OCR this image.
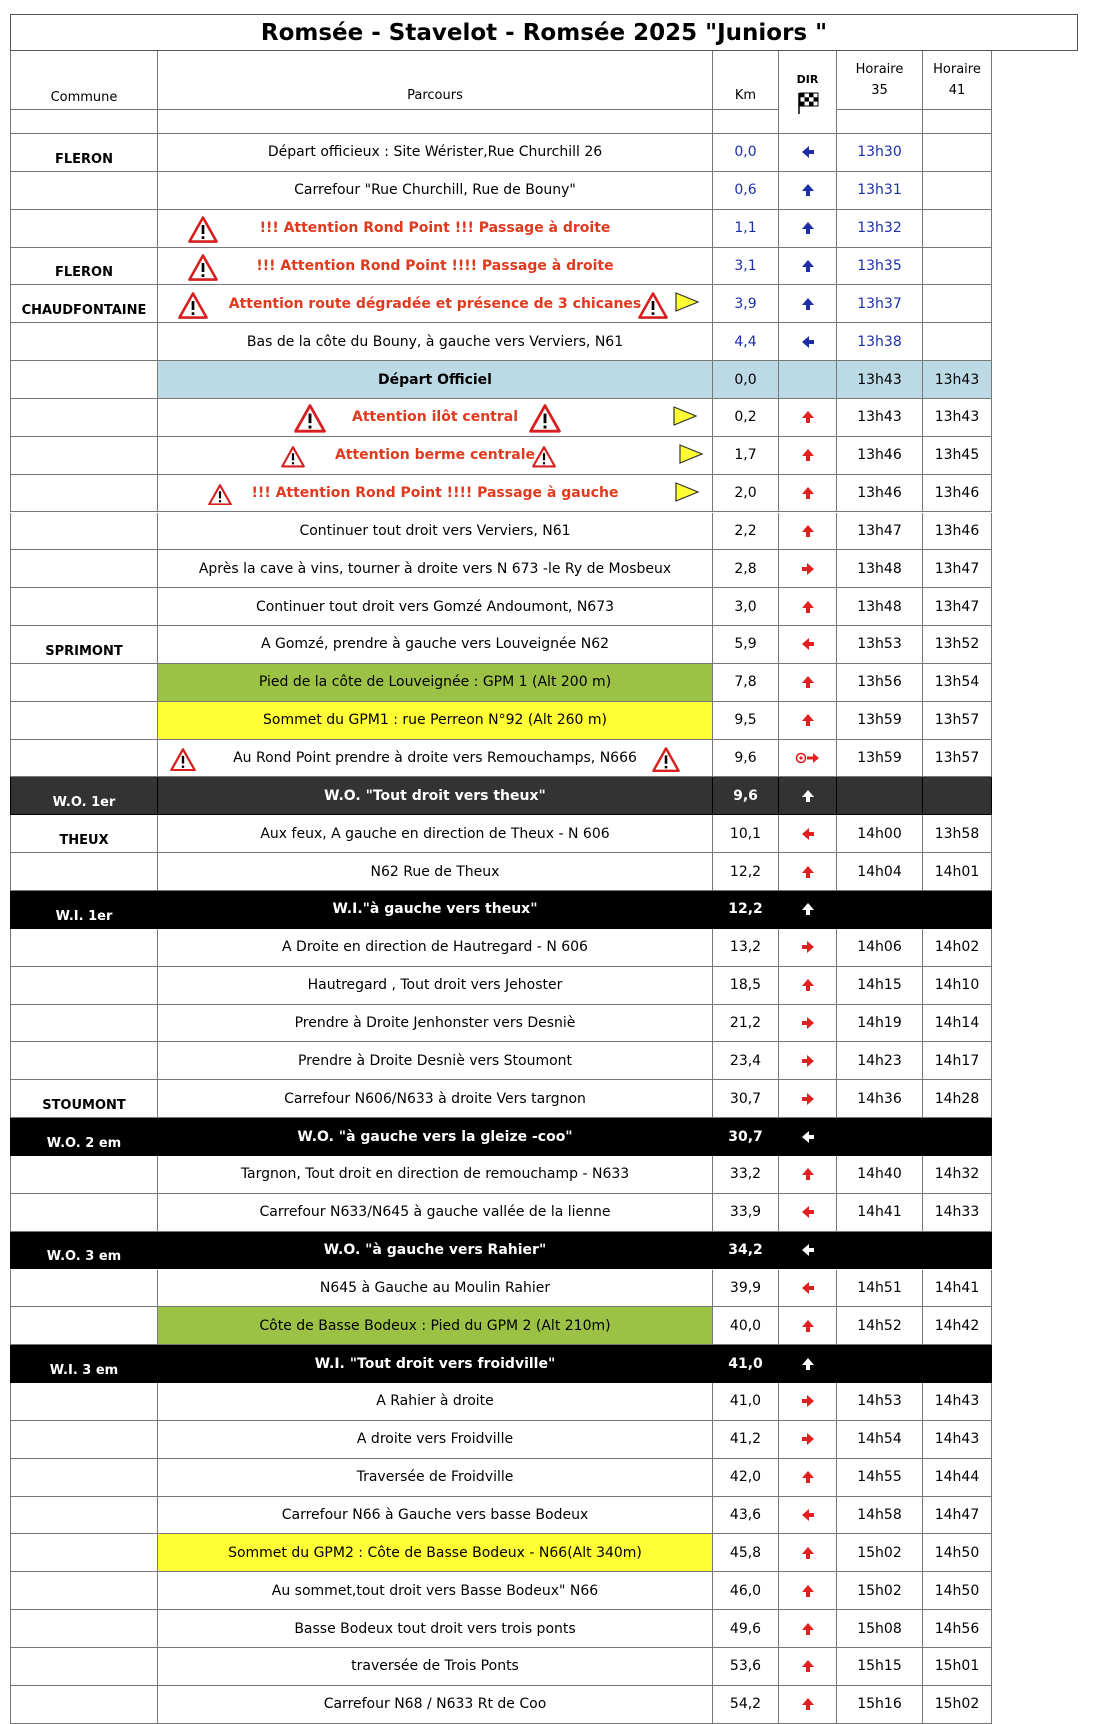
Romsée - Stavelot - Romsée 2025 "Juniors "
Commune	Parcours	Km
DIR
Horaire
35
Horaire
41
FLERON	Départ officieux : Site Wérister,Rue Churchill 26	0,0	13h30
Carrefour "Rue Churchill, Rue de Bouny"	0,6	13h31
!!! Attention Rond Point !!! Passage à droite	1,1	13h32
FLERON	!!! Attention Rond Point !!!! Passage à droite	3,1	13h35
CHAUDFONTAINE	Attention route dégradée et présence de 3 chicanes	3,9	13h37
Bas de la côte du Bouny, à gauche vers Verviers, N61	4,4	13h38
Départ Officiel	0,0	13h43	13h43
Attention ilôt central	0,2	13h43	13h43
Attention berme centrale	1,7	13h46	13h45
!!! Attention Rond Point !!!! Passage à gauche	2,0	13h46	13h46
Continuer tout droit vers Verviers, N61	2,2	13h47	13h46
Après la cave à vins, tourner à droite vers N 673 -le Ry de Mosbeux	2,8	13h48	13h47
Continuer tout droit vers Gomzé Andoumont, N673	3,0	13h48	13h47
SPRIMONT	A Gomzé, prendre à gauche vers Louveignée N62	5,9	13h53	13h52
Pied de la côte de Louveignée : GPM 1 (Alt 200 m)	7,8	13h56	13h54
Sommet du GPM1 : rue Perreon N°92 (Alt 260 m)	9,5	13h59	13h57
Au Rond Point prendre à droite vers Remouchamps, N666	9,6	13h59	13h57
W.O. 1er	W.O. "Tout droit vers theux"	9,6
THEUX	Aux feux, A gauche en direction de Theux - N 606	10,1	14h00	13h58
N62 Rue de Theux	12,2	14h04	14h01
W.I. 1er	W.I."à gauche vers theux"	12,2
A Droite en direction de Hautregard - N 606	13,2	14h06	14h02
Hautregard , Tout droit vers Jehoster	18,5	14h15	14h10
Prendre à Droite Jenhonster vers Desniè	21,2	14h19	14h14
Prendre à Droite Desniè vers Stoumont	23,4	14h23	14h17
STOUMONT	Carrefour N606/N633 à droite Vers targnon	30,7	14h36	14h28
W.O. 2 em	W.O. "à gauche vers la gleize -coo"	30,7
Targnon, Tout droit en direction de remouchamp - N633	33,2	14h40	14h32
Carrefour N633/N645 à gauche vallée de la lienne	33,9	14h41	14h33
W.O. 3 em	W.O. "à gauche vers Rahier"	34,2
N645 à Gauche au Moulin Rahier	39,9	14h51	14h41
Côte de Basse Bodeux : Pied du GPM 2 (Alt 210m)	40,0	14h52	14h42
W.I. 3 em	W.I. "Tout droit vers froidville"	41,0
A Rahier à droite	41,0	14h53	14h43
A droite vers Froidville	41,2	14h54	14h43
Traversée de Froidville	42,0	14h55	14h44
Carrefour N66 à Gauche vers basse Bodeux	43,6	14h58	14h47
Sommet du GPM2 : Côte de Basse Bodeux - N66(Alt 340m)	45,8	15h02	14h50
Au sommet,tout droit vers Basse Bodeux" N66	46,0	15h02	14h50
Basse Bodeux tout droit vers trois ponts	49,6	15h08	14h56
traversée de Trois Ponts	53,6	15h15	15h01
Carrefour N68 / N633 Rt de Coo	54,2	15h16	15h02
